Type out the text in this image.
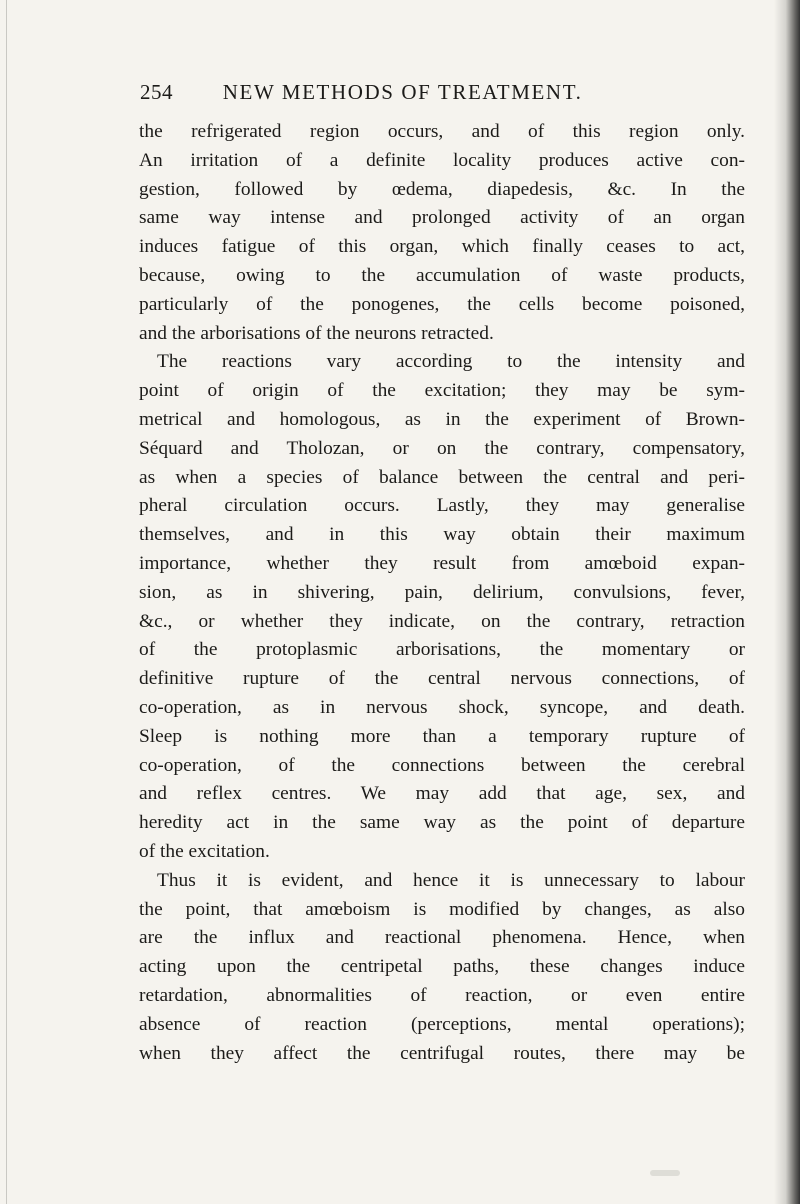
254 NEW METHODS OF TREATMENT.
the refrigerated region occurs, and of this region only.
An irritation of a definite locality produces active con-
gestion, followed by œdema, diapedesis, &c. In the
same way intense and prolonged activity of an organ
induces fatigue of this organ, which finally ceases to act,
because, owing to the accumulation of waste products,
particularly of the ponogenes, the cells become poisoned,
and the arborisations of the neurons retracted.
The reactions vary according to the intensity and
point of origin of the excitation; they may be sym-
metrical and homologous, as in the experiment of Brown-
Séquard and Tholozan, or on the contrary, compensatory,
as when a species of balance between the central and peri-
pheral circulation occurs. Lastly, they may generalise
themselves, and in this way obtain their maximum
importance, whether they result from amœboid expan-
sion, as in shivering, pain, delirium, convulsions, fever,
&c., or whether they indicate, on the contrary, retraction
of the protoplasmic arborisations, the momentary or
definitive rupture of the central nervous connections, of
co-operation, as in nervous shock, syncope, and death.
Sleep is nothing more than a temporary rupture of
co-operation, of the connections between the cerebral
and reflex centres. We may add that age, sex, and
heredity act in the same way as the point of departure
of the excitation.
Thus it is evident, and hence it is unnecessary to labour
the point, that amœboism is modified by changes, as also
are the influx and reactional phenomena. Hence, when
acting upon the centripetal paths, these changes induce
retardation, abnormalities of reaction, or even entire
absence of reaction (perceptions, mental operations);
when they affect the centrifugal routes, there may be
